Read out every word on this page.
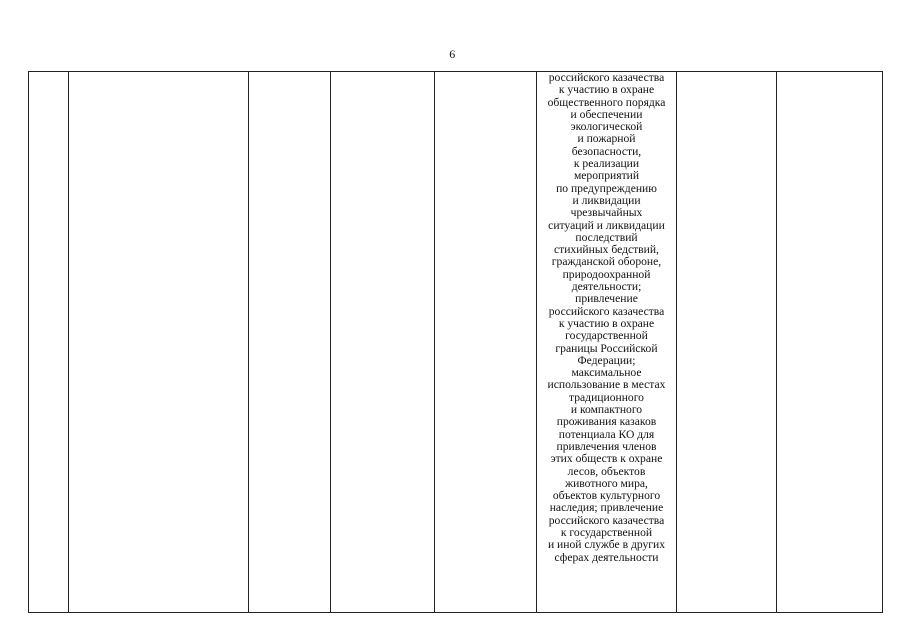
6

российского казачества
к участию в охране
общественного порядка
и обеспечении
экологической
и пожарной
безопасности,
к реализации
мероприятий
по предупреждению
и ликвидации
чрезвычайных
ситуаций и ликвидации
последствий
стихийных бедствий,
гражданской обороне,
природоохранной
деятельности;
привлечение
российского казачества
к участию в охране
государственной
границы Российской
Федерации;
максимальное
использование в местах
традиционного
и компактного
проживания казаков
потенциала КО для
привлечения членов
этих обществ к охране
лесов, объектов
животного мира,
объектов культурного
наследия; привлечение
российского казачества
к государственной
и иной службе в других
сферах деятельности
